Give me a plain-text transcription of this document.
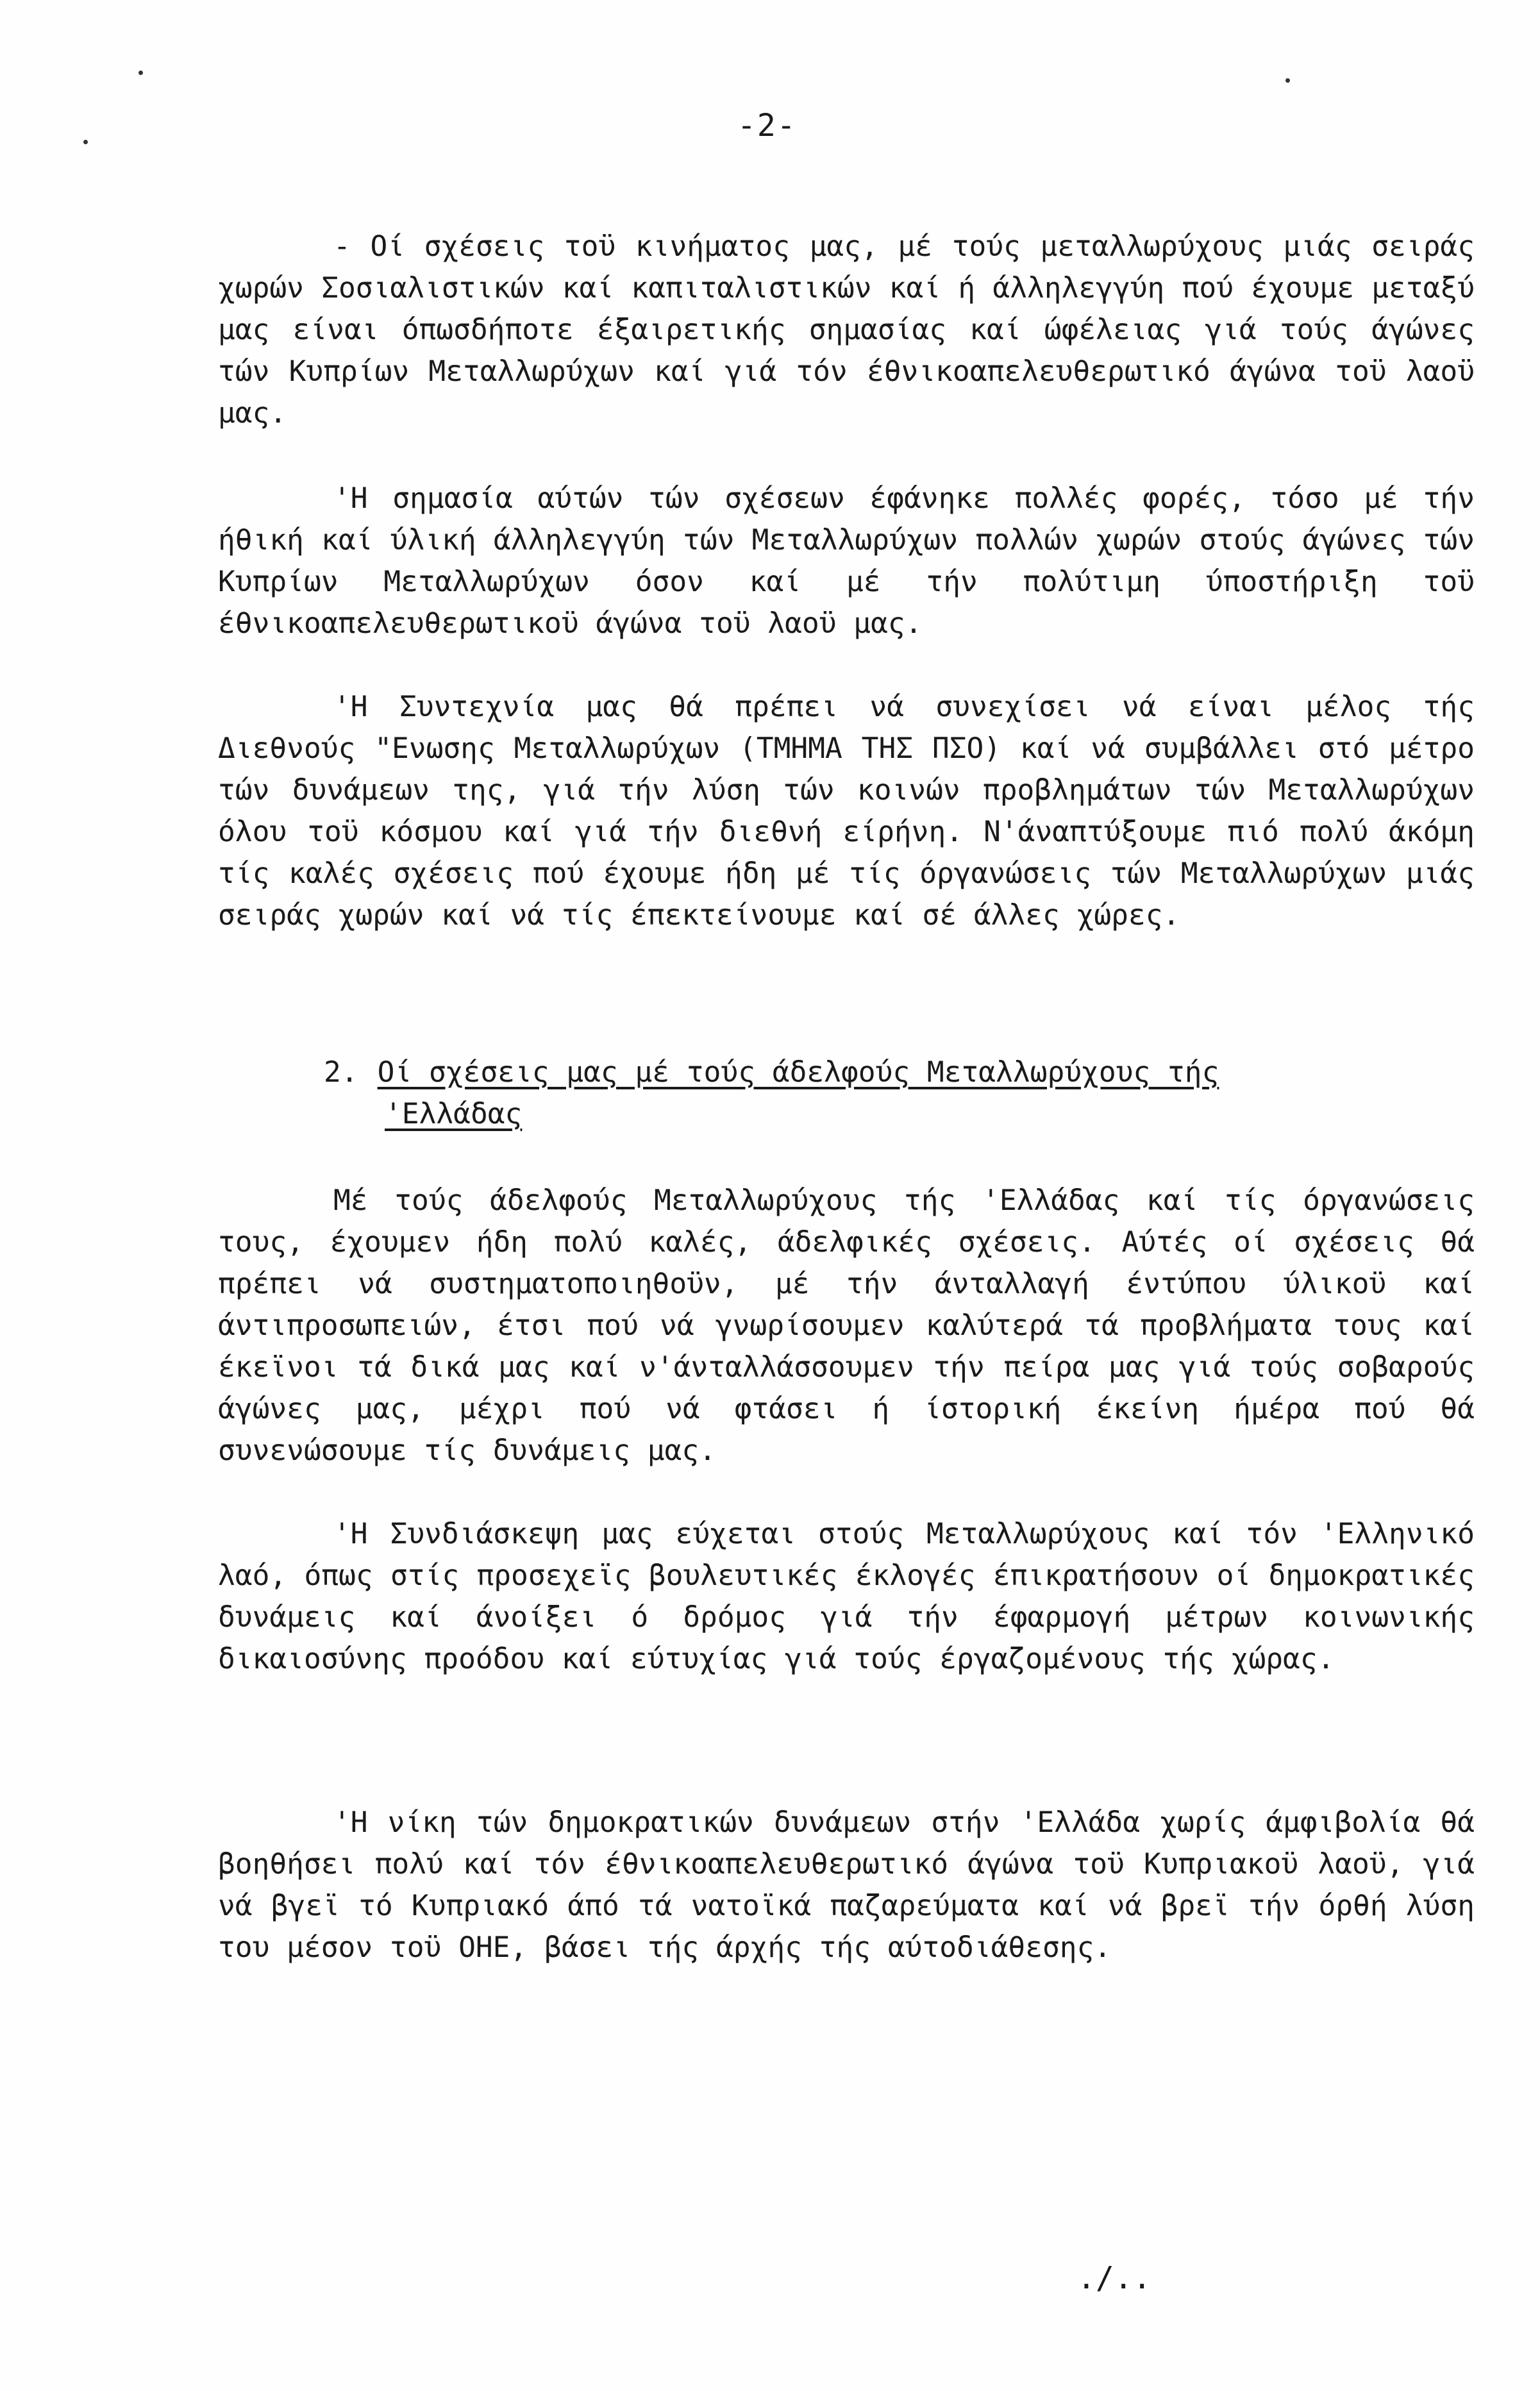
-2-

- Οί σχέσεις τοϋ κινήματος μας, μέ τούς μεταλλωρύχους μιάς σειράς χωρών Σοσιαλιστικών καί καπιταλιστικών καί ή άλληλεγγύη πού έχουμε μεταξύ μας είναι όπωσδήποτε έξαιρετικής σημασίας καί ώφέλειας γιά τούς άγώνες τών Κυπρίων Μεταλλωρύχων καί γιά τόν έθνικοαπελευθερωτικό άγώνα τοϋ λαοϋ μας.

'Η σημασία αύτών τών σχέσεων έφάνηκε πολλές φορές, τόσο μέ τήν ήθική καί ύλική άλληλεγγύη τών Μεταλλωρύχων πολλών χωρών στούς άγώνες τών Κυπρίων Μεταλλωρύχων όσον καί μέ τήν πολύτιμη ύποστήριξη τοϋ έθνικοαπελευθερωτικοϋ άγώνα τοϋ λαοϋ μας.

'Η Συντεχνία μας θά πρέπει νά συνεχίσει νά είναι μέλος τής Διεθνούς "Ενωσης Μεταλλωρύχων (ΤΜΗΜΑ ΤΗΣ ΠΣΟ) καί νά συμβάλλει στό μέτρο τών δυνάμεων της, γιά τήν λύση τών κοινών προβλημάτων τών Μεταλλωρύχων όλου τοϋ κόσμου καί γιά τήν διεθνή είρήνη. Ν'άναπτύξουμε πιό πολύ άκόμη τίς καλές σχέσεις πού έχουμε ήδη μέ τίς όργανώσεις τών Μεταλλωρύχων μιάς σειράς χωρών καί νά τίς έπεκτείνουμε καί σέ άλλες χώρες.

2. Οί σχέσεις μας μέ τούς άδελφούς Μεταλλωρύχους τής
'Ελλάδας

Μέ τούς άδελφούς Μεταλλωρύχους τής 'Ελλάδας καί τίς όργανώσεις τους, έχουμεν ήδη πολύ καλές, άδελφικές σχέσεις. Αύτές οί σχέσεις θά πρέπει νά συστηματοποιηθοϋν, μέ τήν άνταλλαγή έντύπου ύλικοϋ καί άντιπροσωπειών, έτσι πού νά γνωρίσουμεν καλύτερά τά προβλήματα τους καί έκεϊνοι τά δικά μας καί ν'άνταλλάσσουμεν τήν πείρα μας γιά τούς σοβαρούς άγώνες μας, μέχρι πού νά φτάσει ή ίστορική έκείνη ήμέρα πού θά συνενώσουμε τίς δυνάμεις μας.

'Η Συνδιάσκεψη μας εύχεται στούς Μεταλλωρύχους καί τόν 'Ελληνικό λαό, όπως στίς προσεχεϊς βουλευτικές έκλογές έπικρατήσουν οί δημοκρατικές δυνάμεις καί άνοίξει ό δρόμος γιά τήν έφαρμογή μέτρων κοινωνικής δικαιοσύνης προόδου καί εύτυχίας γιά τούς έργαζομένους τής χώρας.

'Η νίκη τών δημοκρατικών δυνάμεων στήν 'Ελλάδα χωρίς άμφιβολία θά βοηθήσει πολύ καί τόν έθνικοαπελευθερωτικό άγώνα τοϋ Κυπριακοϋ λαοϋ, γιά νά βγεϊ τό Κυπριακό άπό τά νατοϊκά παζαρεύματα καί νά βρεϊ τήν όρθή λύση του μέσον τοϋ ΟΗΕ, βάσει τής άρχής τής αύτοδιάθεσης.

./..
